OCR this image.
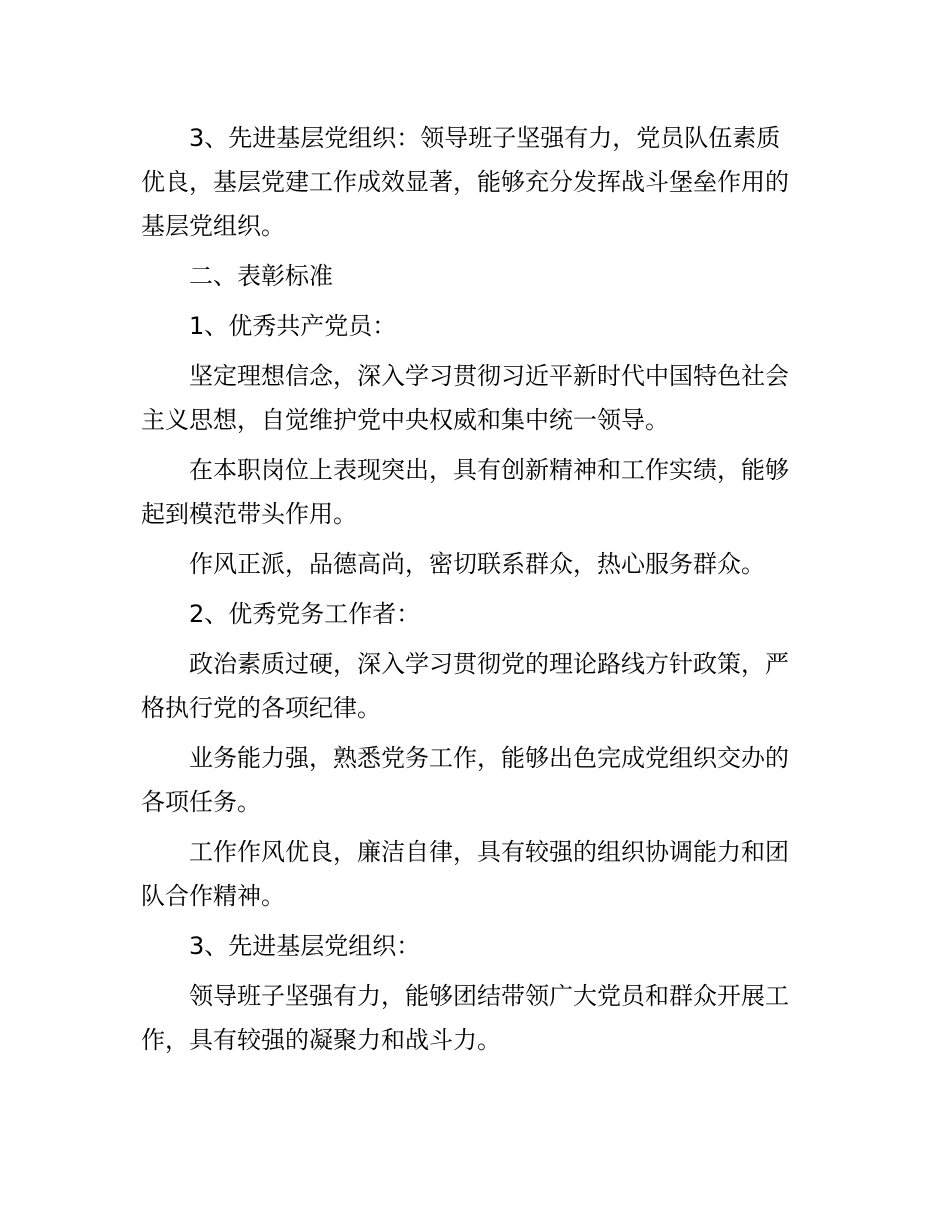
3、先进基层党组织：领导班子坚强有力，党员队伍素质
优良，基层党建工作成效显著，能够充分发挥战斗堡垒作用的
基层党组织。

二、表彰标准

1、优秀共产党员：

坚定理想信念，深入学习贯彻习近平新时代中国特色社会
主义思想，自觉维护党中央权威和集中统一领导。

在本职岗位上表现突出，具有创新精神和工作实绩，能够
起到模范带头作用。

作风正派，品德高尚，密切联系群众，热心服务群众。

2、优秀党务工作者：

政治素质过硬，深入学习贯彻党的理论路线方针政策，严
格执行党的各项纪律。

业务能力强，熟悉党务工作，能够出色完成党组织交办的
各项任务。

工作作风优良，廉洁自律，具有较强的组织协调能力和团
队合作精神。

3、先进基层党组织：

领导班子坚强有力，能够团结带领广大党员和群众开展工
作，具有较强的凝聚力和战斗力。
